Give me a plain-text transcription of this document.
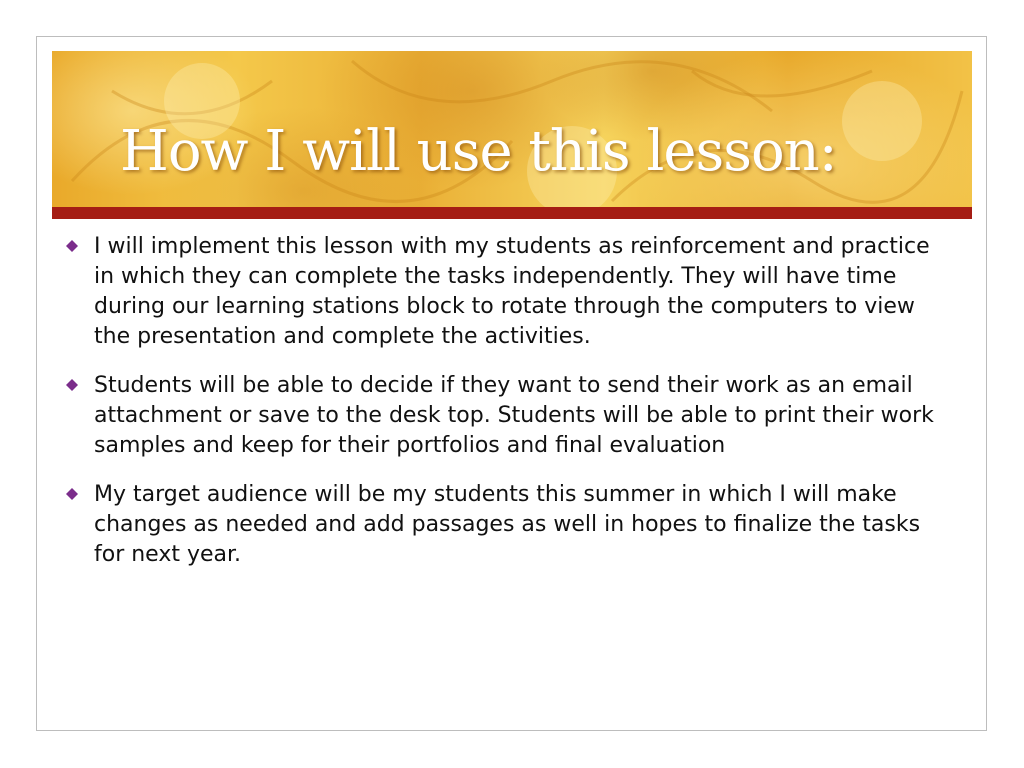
How I will use this lesson:
I will implement this lesson with my students as reinforcement and practice in which they can complete the tasks independently. They will have time during our learning stations block to rotate through the computers to view the presentation and complete the activities.
Students will be able to decide if they want to send their work as an email attachment or save to the desk top. Students will be able to print their work samples and keep for their portfolios and final evaluation
My target audience will be my students this summer in which I will make changes as needed and add passages as well in hopes to finalize the tasks for next year.
